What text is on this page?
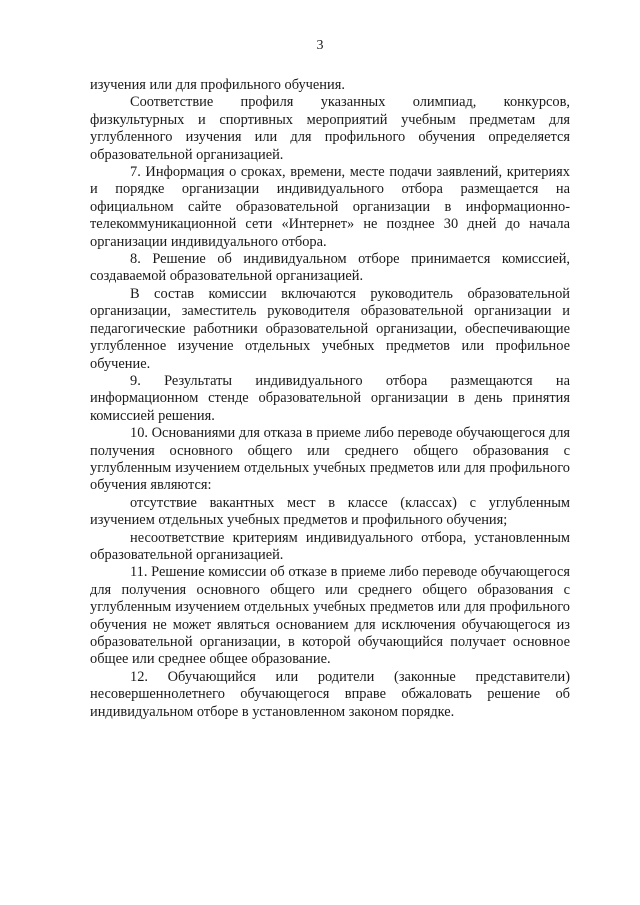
3

изучения или для профильного обучения.

Соответствие профиля указанных олимпиад, конкурсов, физкультурных и спортивных мероприятий учебным предметам для углубленного изучения или для профильного обучения определяется образовательной организацией.

7. Информация о сроках, времени, месте подачи заявлений, критериях и порядке организации индивидуального отбора размещается на официальном сайте образовательной организации в информационно-телекоммуникационной сети «Интернет» не позднее 30 дней до начала организации индивидуального отбора.

8. Решение об индивидуальном отборе принимается комиссией, создаваемой образовательной организацией.

В состав комиссии включаются руководитель образовательной организации, заместитель руководителя образовательной организации и педагогические работники образовательной организации, обеспечивающие углубленное изучение отдельных учебных предметов или профильное обучение.

9. Результаты индивидуального отбора размещаются на информационном стенде образовательной организации в день принятия комиссией решения.

10. Основаниями для отказа в приеме либо переводе обучающегося для получения основного общего или среднего общего образования с углубленным изучением отдельных учебных предметов или для профильного обучения являются:

отсутствие вакантных мест в классе (классах) с углубленным изучением отдельных учебных предметов и профильного обучения;

несоответствие критериям индивидуального отбора, установленным образовательной организацией.

11. Решение комиссии об отказе в приеме либо переводе обучающегося для получения основного общего или среднего общего образования с углубленным изучением отдельных учебных предметов или для профильного обучения не может являться основанием для исключения обучающегося из образовательной организации, в которой обучающийся получает основное общее или среднее общее образование.

12. Обучающийся или родители (законные представители) несовершеннолетнего обучающегося вправе обжаловать решение об индивидуальном отборе в установленном законом порядке.
